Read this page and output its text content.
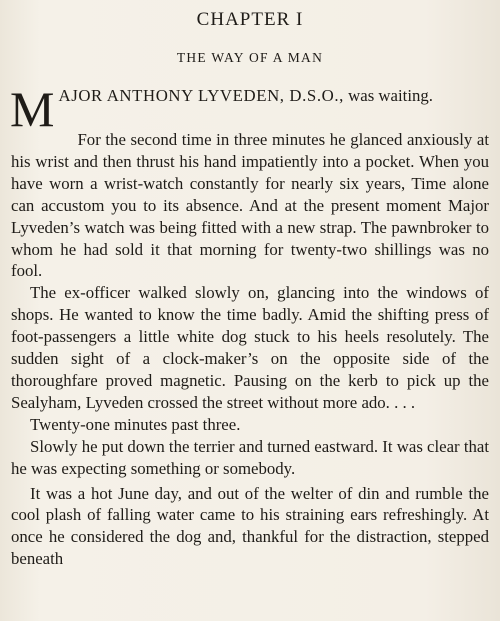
CHAPTER I
THE WAY OF A MAN

MAJOR ANTHONY LYVEDEN, D.S.O., was waiting.

For the second time in three minutes he glanced anxiously at his wrist and then thrust his hand impatiently into a pocket. When you have worn a wrist-watch constantly for nearly six years, Time alone can accustom you to its absence. And at the present moment Major Lyveden’s watch was being fitted with a new strap. The pawnbroker to whom he had sold it that morning for twenty-two shillings was no fool.

The ex-officer walked slowly on, glancing into the windows of shops. He wanted to know the time badly. Amid the shifting press of foot-passengers a little white dog stuck to his heels resolutely. The sudden sight of a clock-maker’s on the opposite side of the thoroughfare proved magnetic. Pausing on the kerb to pick up the Sealyham, Lyveden crossed the street without more ado. . . .

Twenty-one minutes past three.

Slowly he put down the terrier and turned eastward. It was clear that he was expecting something or somebody.

It was a hot June day, and out of the welter of din and rumble the cool plash of falling water came to his straining ears refreshingly. At once he considered the dog and, thankful for the distraction, stepped beneath
